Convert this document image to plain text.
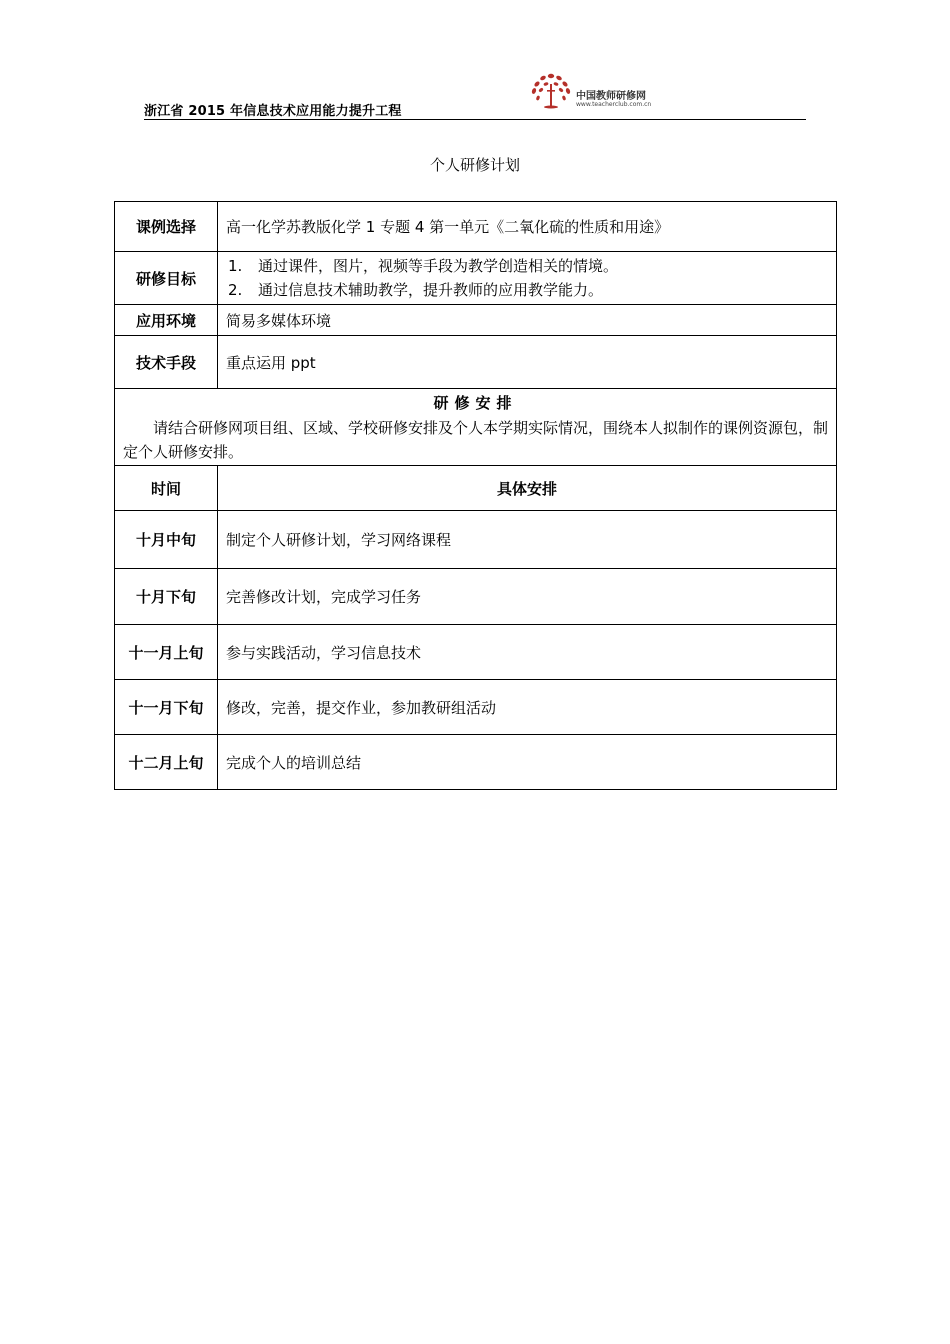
浙江省 2015 年信息技术应用能力提升工程
中国教师研修网
www.teacherclub.com.cn
个人研修计划
课例选择	高一化学苏教版化学 1 专题 4 第一单元《二氧化硫的性质和用途》
研修目标	1. 通过课件，图片，视频等手段为教学创造相关的情境。
2. 通过信息技术辅助教学，提升教师的应用教学能力。

应用环境	简易多媒体环境
技术手段	重点运用 ppt

研修安排
请结合研修网项目组、区域、学校研修安排及个人本学期实际情况，围绕本人拟制作的课例资源包，制定个人研修安排。	

时间	具体安排
十月中旬	制定个人研修计划，学习网络课程
十月下旬	完善修改计划，完成学习任务
十一月上旬	参与实践活动，学习信息技术
十一月下旬	修改，完善，提交作业，参加教研组活动
十二月上旬	完成个人的培训总结
